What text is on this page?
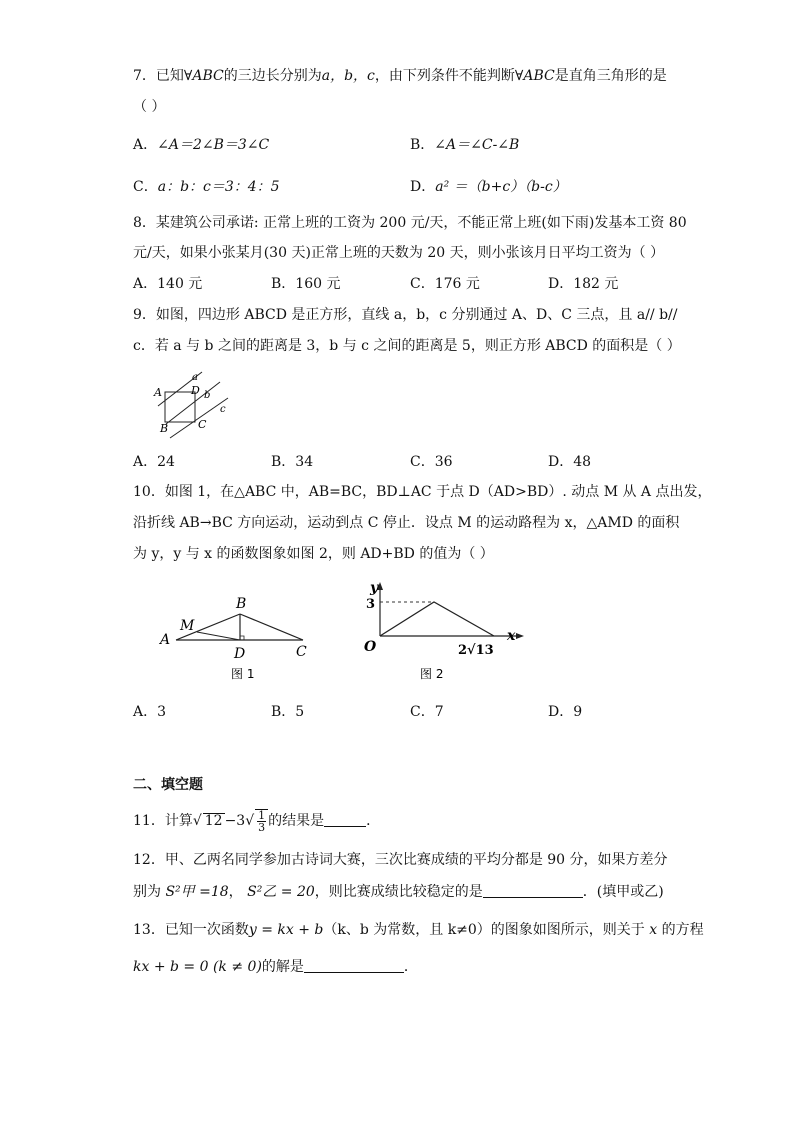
7．已知∀ABC的三边长分别为a，b，c，由下列条件不能判断∀ABC是直角三角形的是
（ ）
A．∠A＝2∠B＝3∠C	B．∠A＝∠C-∠B
C．a：b：c＝3：4：5	D．a² ＝（b+c）（b-c）
8．某建筑公司承诺: 正常上班的工资为 200 元/天，不能正常上班(如下雨)发基本工资 80
元/天，如果小张某月(30 天)正常上班的天数为 20 天，则小张该月日平均工资为（ ）
A．140 元	B．160 元	C．176 元	D．182 元
9．如图，四边形 ABCD 是正方形，直线 a，b，c 分别通过 A、D、C 三点，且 a// b//
c．若 a 与 b 之间的距离是 3，b 与 c 之间的距离是 5，则正方形 ABCD 的面积是（ ）
A
B	C
D
a
b
c
A．24	B．34	C．36	D．48
10．如图 1，在△ABC 中，AB=BC，BD⊥AC 于点 D（AD>BD）. 动点 M 从 A 点出发，
沿折线 AB→BC 方向运动，运动到点 C 停止．设点 M 的运动路程为 x，△AMD 的面积
为 y，y 与 x 的函数图象如图 2，则 AD+BD 的值为（ ）
A
B
C
D
M
图 1
y
x
O
3
2√13
图 2
A．3	B．5	C．7	D．9
二、填空题
11．计算√ $12 -3√ \frac{1}{3}$ 的结果是	．
12．甲、乙两名同学参加古诗词大赛，三次比赛成绩的平均分都是 90 分，如果方差分
别为 S²甲 =18， S²乙 = 20，则比赛成绩比较稳定的是	．(填甲或乙)
13．已知一次函数y = kx + b（k、b 为常数，且 k≠0）的图象如图所示，则关于 x 的方程
kx + b = 0 (k ≠ 0)的解是	．
